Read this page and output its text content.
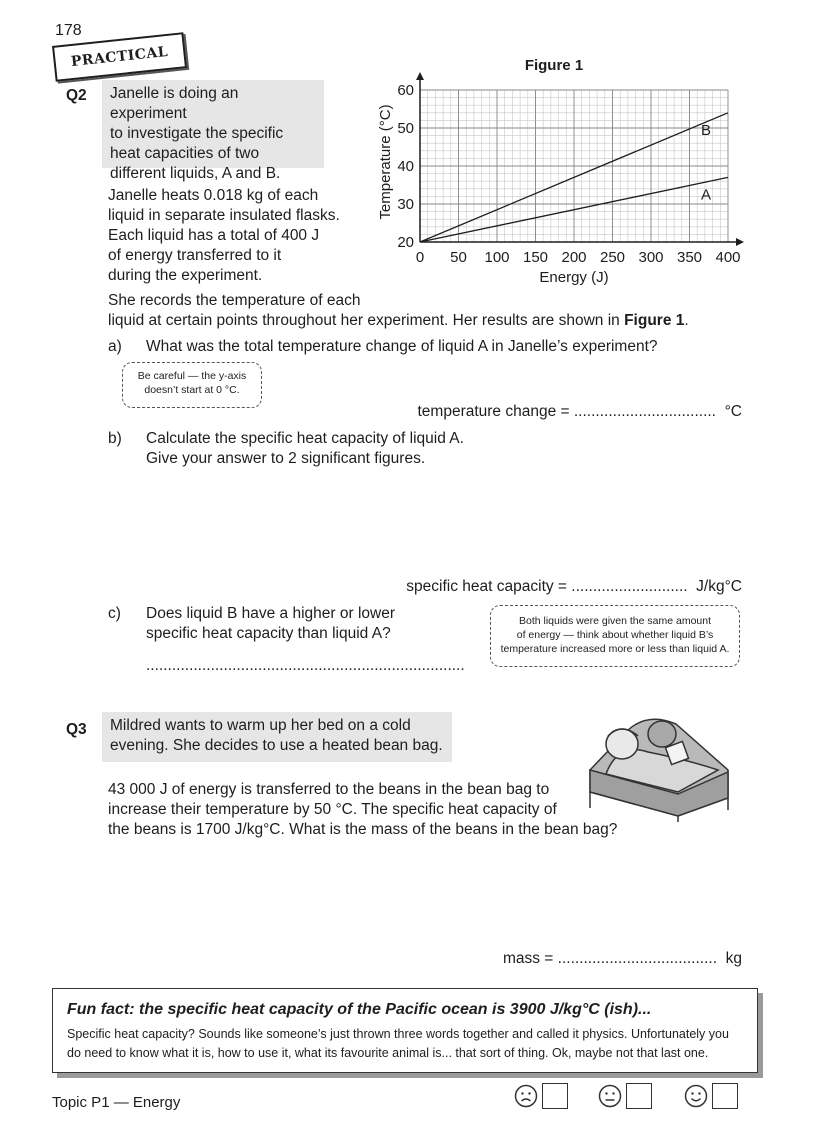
178
PRACTICAL
Q2 Janelle is doing an experiment
to investigate the specific
heat capacities of two
different liquids, A and B.
Janelle heats 0.018 kg of each
liquid in separate insulated flasks.
Each liquid has a total of 400 J
of energy transferred to it
during the experiment.
She records the temperature of each
liquid at certain points throughout her experiment. Her results are shown in Figure 1.
0 50 100 150 200 250 300 350 400
20
30
40
50
60
Figure 1
Energy (J)
Temperature (°C)	A
B
a) What was the total temperature change of liquid A in Janelle’s experiment?
Be careful — the y-axis
doesn’t start at 0 °C.
temperature change = .................................  °C
b) Calculate the specific heat capacity of liquid A.
Give your answer to 2 significant figures.
specific heat capacity = ...........................  J/kg°C
c) Does liquid B have a higher or lower
specific heat capacity than liquid A?
..........................................................................
Both liquids were given the same amount
of energy — think about whether liquid B’s
temperature increased more or less than liquid A.
Q3 Mildred wants to warm up her bed on a cold
evening. She decides to use a heated bean bag.
43 000 J of energy is transferred to the beans in the bean bag to
increase their temperature by 50 °C. The specific heat capacity of
the beans is 1700 J/kg°C. What is the mass of the beans in the bean bag?
mass = .....................................  kg
Fun fact: the specific heat capacity of the Pacific ocean is 3900 J/kg°C (ish)...
Specific heat capacity? Sounds like someone’s just thrown three words together and called it physics. Unfortunately you
do need to know what it is, how to use it, what its favourite animal is... that sort of thing. Ok, maybe not that last one.
Topic P1 — Energy
